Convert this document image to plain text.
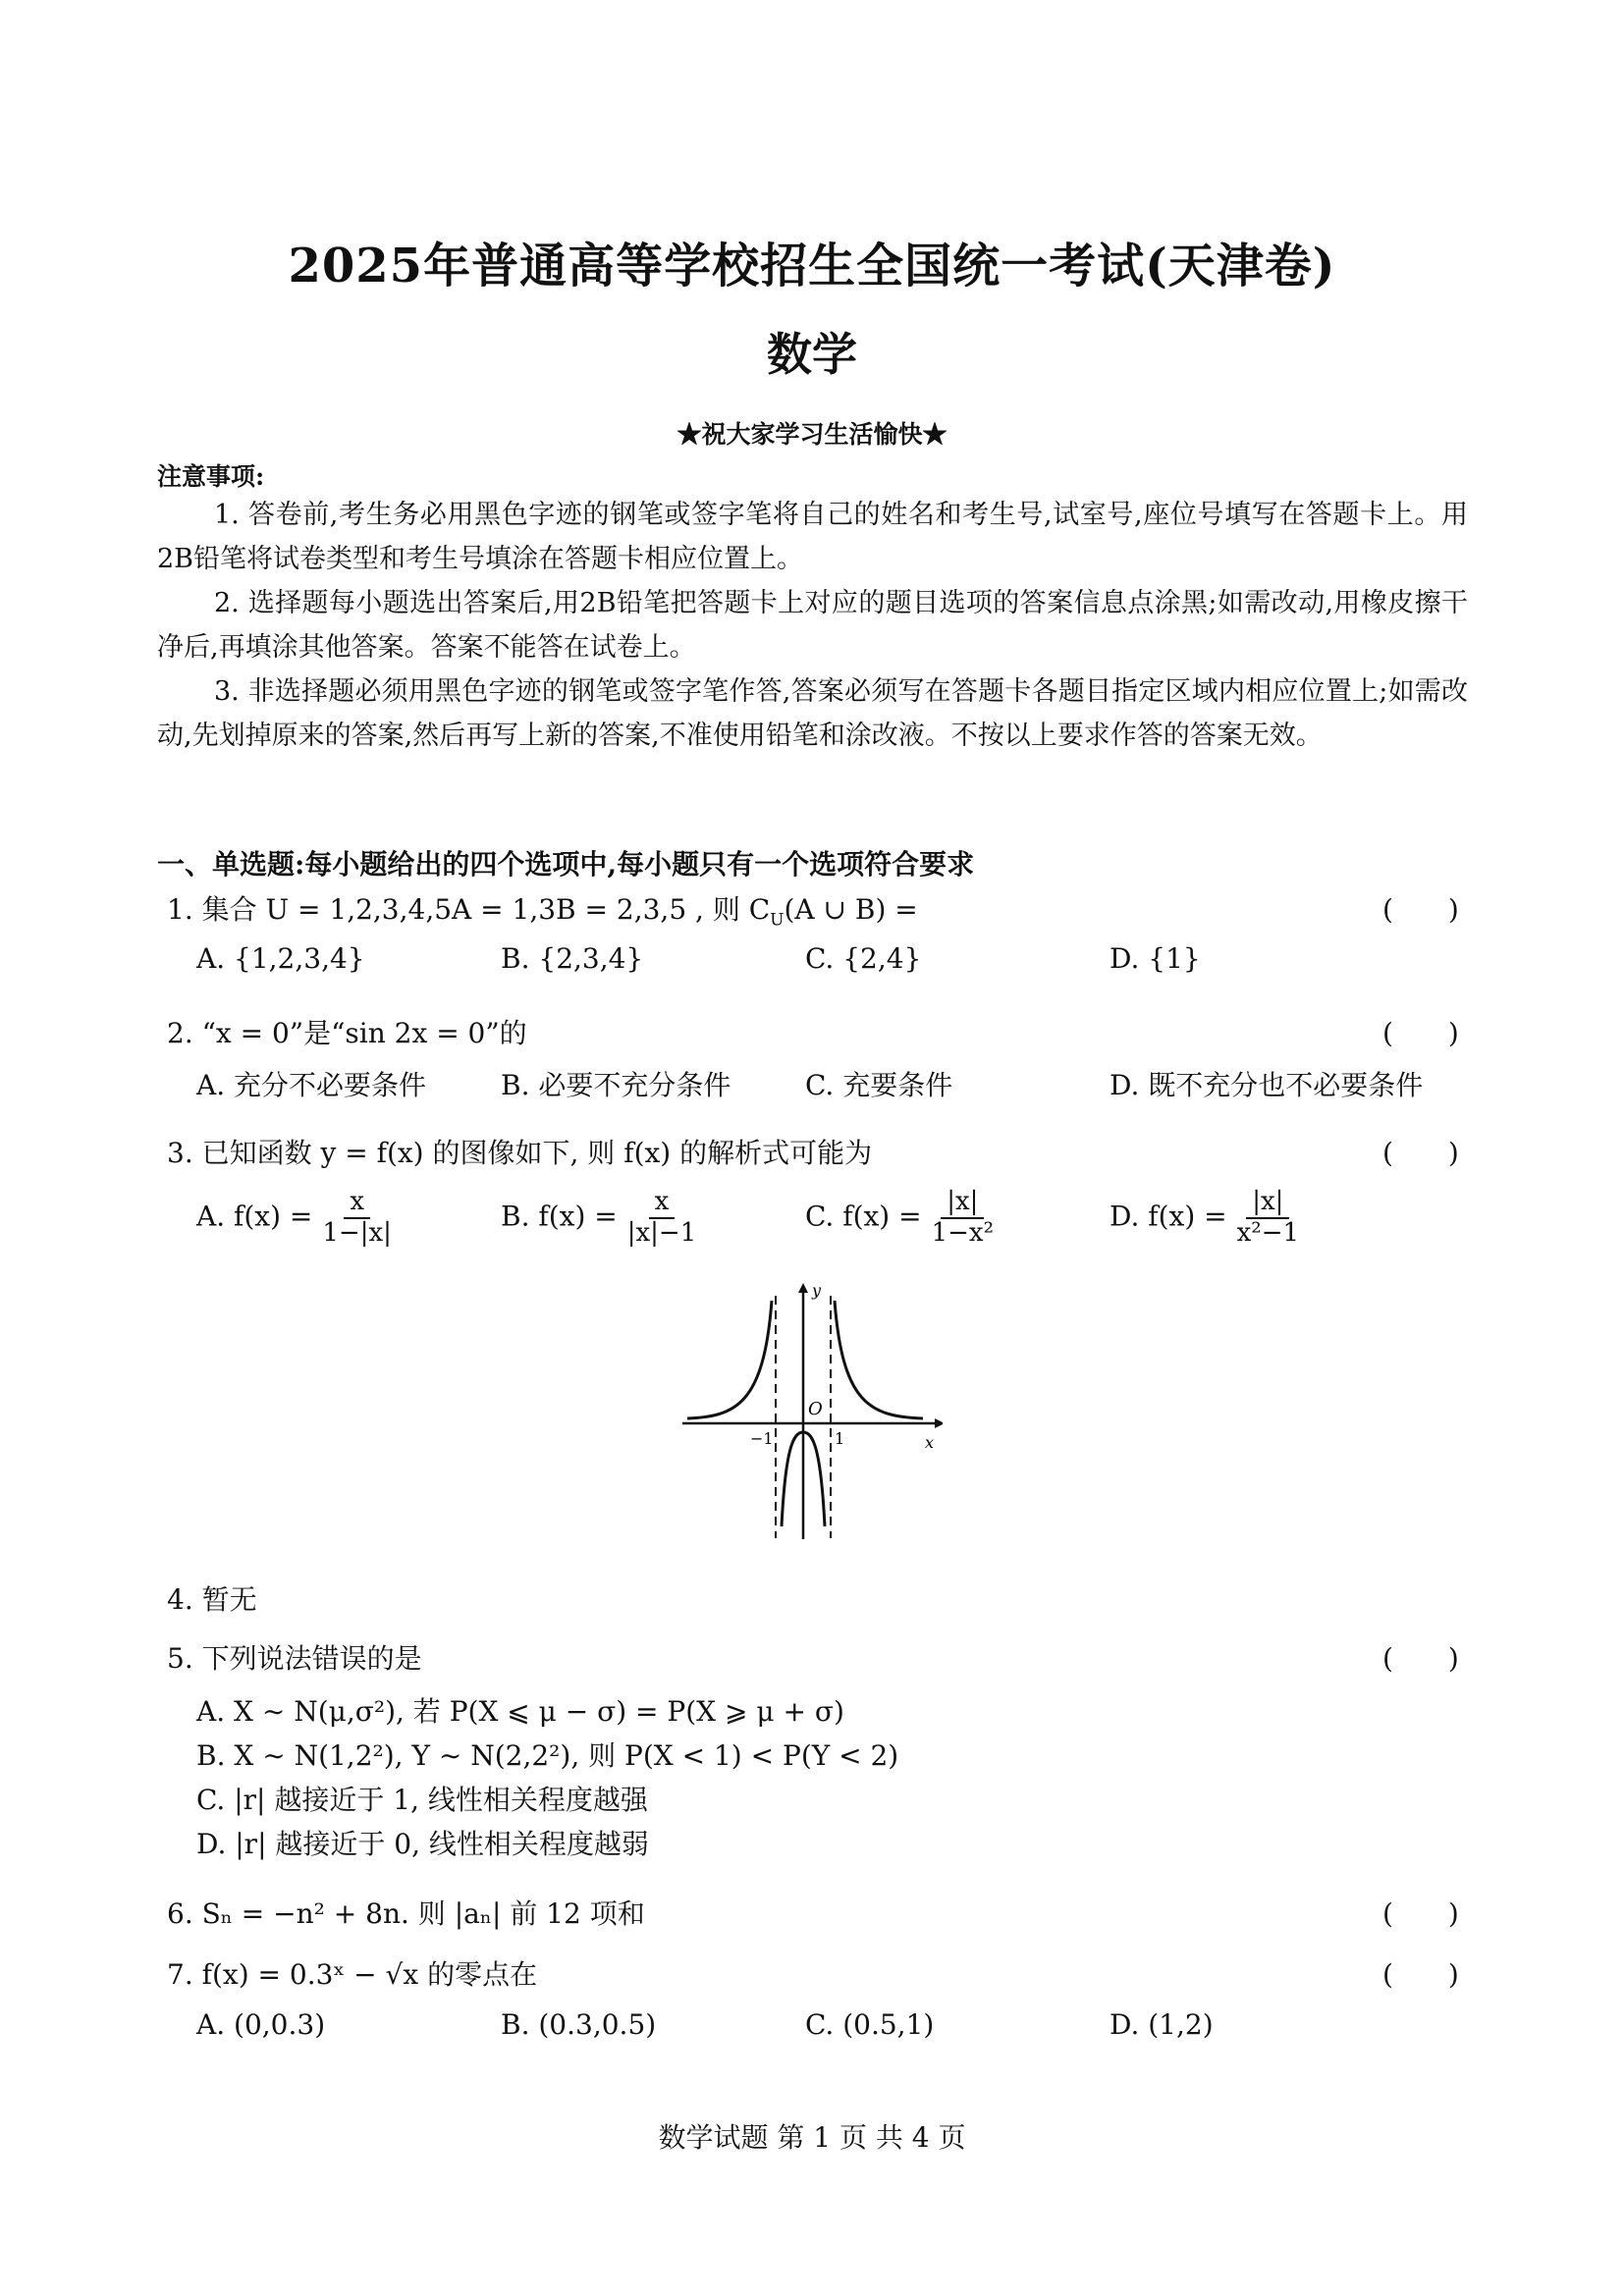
2025年普通高等学校招生全国统一考试(天津卷)
数学
★祝大家学习生活愉快★
注意事项:
1. 答卷前,考生务必用黑色字迹的钢笔或签字笔将自己的姓名和考生号,试室号,座位号填写在答题卡上。用2B铅笔将试卷类型和考生号填涂在答题卡相应位置上。
2. 选择题每小题选出答案后,用2B铅笔把答题卡上对应的题目选项的答案信息点涂黑;如需改动,用橡皮擦干净后,再填涂其他答案。答案不能答在试卷上。
3. 非选择题必须用黑色字迹的钢笔或签字笔作答,答案必须写在答题卡各题目指定区域内相应位置上;如需改动,先划掉原来的答案,然后再写上新的答案,不准使用铅笔和涂改液。不按以上要求作答的答案无效。
一、单选题:每小题给出的四个选项中,每小题只有一个选项符合要求
1. 集合 U = 1,2,3,4,5A = 1,3B = 2,3,5 , 则 $C_U(A$ ∪ B) =	(　　)
A. {1,2,3,4}	B. {2,3,4}	C. {2,4}	D. {1}
2. “x = 0”是“sin 2x = 0”的	(　　)
A. 充分不必要条件	B. 必要不充分条件	C. 充要条件	D. 既不充分也不必要条件
3. 已知函数 y = f(x) 的图像如下, 则 f(x) 的解析式可能为	(　　)
A. $f(x) = \frac{x}{1-|x|}$	B. $f(x) = \frac{x}{|x|-1}$	C. $f(x) = \frac{|x|}{\text{1−x²}}$	D. $f(x) = \frac{|x|}{\text{x²−1}}$
y
x
O
−1	1
4. 暂无
5. 下列说法错误的是	(　　)
A. X ∼ N(μ,σ²), 若 P(X ⩽ μ − σ) = P(X ⩾ μ + σ)
B. X ∼ N(1,2²), Y ∼ N(2,2²), 则 P(X < 1) < P(Y < 2)
C. |r| 越接近于 1, 线性相关程度越强
D. |r| 越接近于 0, 线性相关程度越弱
6. Sₙ = −n² + 8n. 则 |aₙ| 前 12 项和	(　　)
7. f(x) = 0.3ˣ − √x 的零点在	(　　)
A. (0,0.3)	B. (0.3,0.5)	C. (0.5,1)	D. (1,2)
数学试题 第 1 页 共 4 页
